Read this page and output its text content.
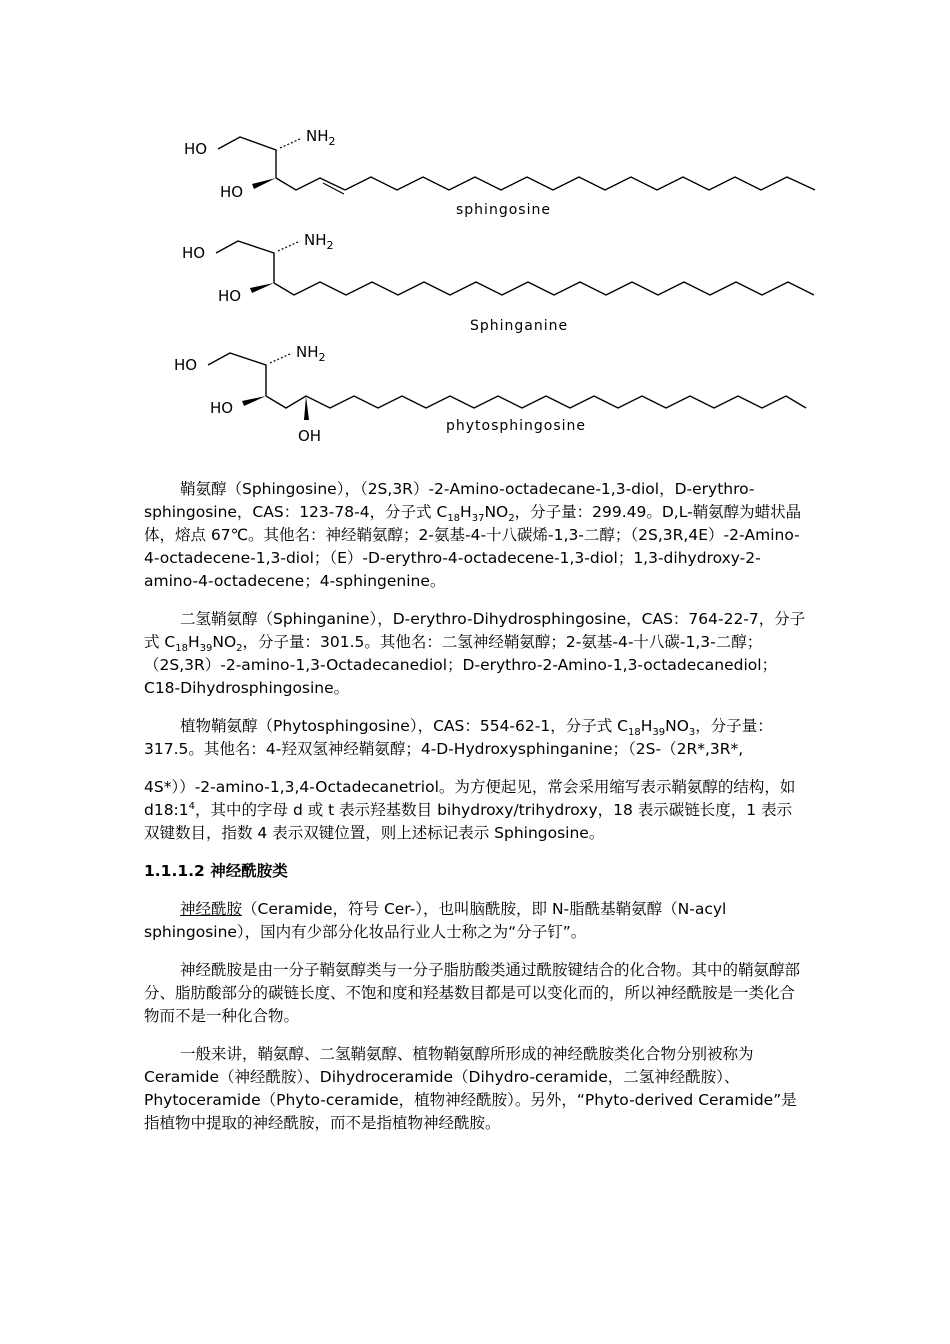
HO
HO
$NH_2$
sphingosine
HO
HO
$NH_2$
Sphinganine
HO
HO
OH
$NH_2$
phytosphingosine

鞘氨醇（Sphingosine），（2S,3R）-2-Amino-octadecane-1,3-diol，D-erythro-sphingosine，CAS：123-78-4，分子式 $C_{18}H_{37}NO_2$，分子量：299.49。D,L-鞘氨醇为蜡状晶体，熔点 67℃。其他名：神经鞘氨醇；2-氨基-4-十八碳烯-1,3-二醇；（2S,3R,4E）-2-Amino-4-octadecene-1,3-diol；（E）-D-erythro-4-octadecene-1,3-diol；1,3-dihydroxy-2-amino-4-octadecene；4-sphingenine。

二氢鞘氨醇（Sphinganine），D-erythro-Dihydrosphingosine，CAS：764-22-7，分子式 $C_{18}H_{39}NO_2$，分子量：301.5。其他名：二氢神经鞘氨醇；2-氨基-4-十八碳-1,3-二醇；（2S,3R）-2-amino-1,3-Octadecanediol；D-erythro-2-Amino-1,3-octadecanediol；C18-Dihydrosphingosine。

植物鞘氨醇（Phytosphingosine），CAS：554-62-1，分子式 $C_{18}H_{39}NO_3$，分子量：317.5。其他名：4-羟双氢神经鞘氨醇；4-D-Hydroxysphinganine；（2S-（2R*,3R*,

4S*））-2-amino-1,3,4-Octadecanetriol。为方便起见，常会采用缩写表示鞘氨醇的结构，如 $d18:1^4$，其中的字母 d 或 t 表示羟基数目 bihydroxy/trihydroxy，18 表示碳链长度，1 表示双键数目，指数 4 表示双键位置，则上述标记表示 Sphingosine。

1.1.1.2 神经酰胺类

神经酰胺（Ceramide，符号 Cer-），也叫脑酰胺，即 N-脂酰基鞘氨醇（N-acyl sphingosine），国内有少部分化妆品行业人士称之为“分子钉”。

神经酰胺是由一分子鞘氨醇类与一分子脂肪酸类通过酰胺键结合的化合物。其中的鞘氨醇部分、脂肪酸部分的碳链长度、不饱和度和羟基数目都是可以变化而的，所以神经酰胺是一类化合物而不是一种化合物。

一般来讲，鞘氨醇、二氢鞘氨醇、植物鞘氨醇所形成的神经酰胺类化合物分别被称为 Ceramide（神经酰胺）、Dihydroceramide（Dihydro-ceramide，二氢神经酰胺）、Phytoceramide（Phyto-ceramide，植物神经酰胺）。另外，“Phyto-derived Ceramide”是指植物中提取的神经酰胺，而不是指植物神经酰胺。
